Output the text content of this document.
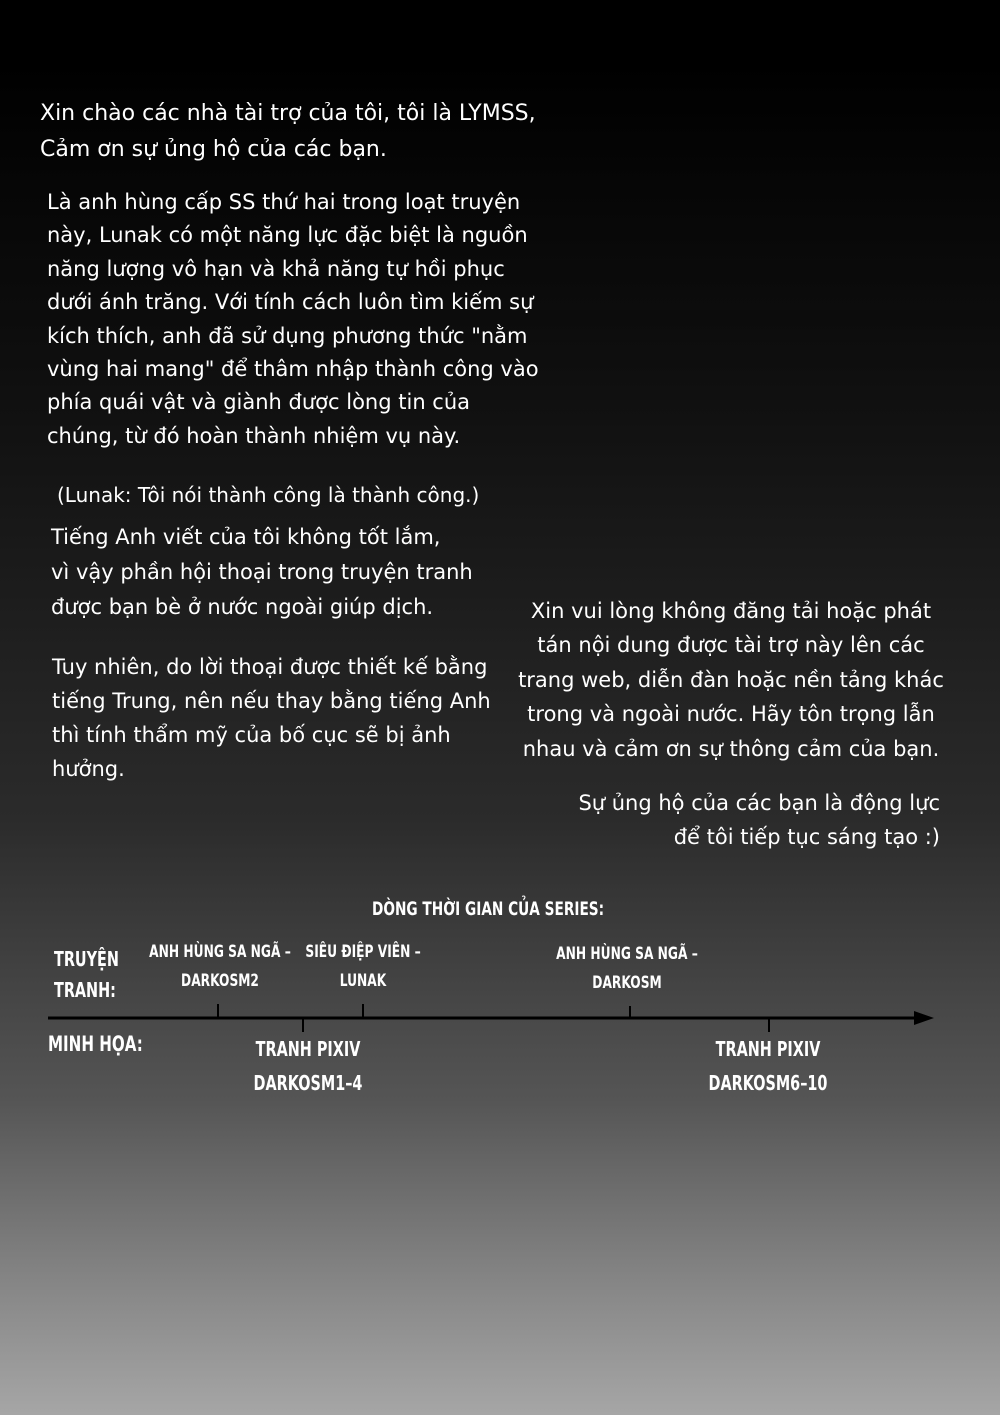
Xin chào các nhà tài trợ của tôi, tôi là LYMSS,
Cảm ơn sự ủng hộ của các bạn.

Là anh hùng cấp SS thứ hai trong loạt truyện
này, Lunak có một năng lực đặc biệt là nguồn
năng lượng vô hạn và khả năng tự hồi phục
dưới ánh trăng. Với tính cách luôn tìm kiếm sự
kích thích, anh đã sử dụng phương thức "nằm
vùng hai mang" để thâm nhập thành công vào
phía quái vật và giành được lòng tin của
chúng, từ đó hoàn thành nhiệm vụ này.

(Lunak: Tôi nói thành công là thành công.)

Tiếng Anh viết của tôi không tốt lắm,
vì vậy phần hội thoại trong truyện tranh
được bạn bè ở nước ngoài giúp dịch.

Tuy nhiên, do lời thoại được thiết kế bằng
tiếng Trung, nên nếu thay bằng tiếng Anh
thì tính thẩm mỹ của bố cục sẽ bị ảnh
hưởng.

Xin vui lòng không đăng tải hoặc phát
tán nội dung được tài trợ này lên các
trang web, diễn đàn hoặc nền tảng khác
trong và ngoài nước. Hãy tôn trọng lẫn
nhau và cảm ơn sự thông cảm của bạn.

Sự ủng hộ của các bạn là động lực
để tôi tiếp tục sáng tạo :)

DÒNG THỜI GIAN CỦA SERIES:
TRUYỆN
TRANH:
MINH HỌA:
ANH HÙNG SA NGÃ –
DARKOSM2
SIÊU ĐIỆP VIÊN –
LUNAK
ANH HÙNG SA NGÃ –
DARKOSM
TRANH PIXIV
DARKOSM1–4
TRANH PIXIV
DARKOSM6–10
